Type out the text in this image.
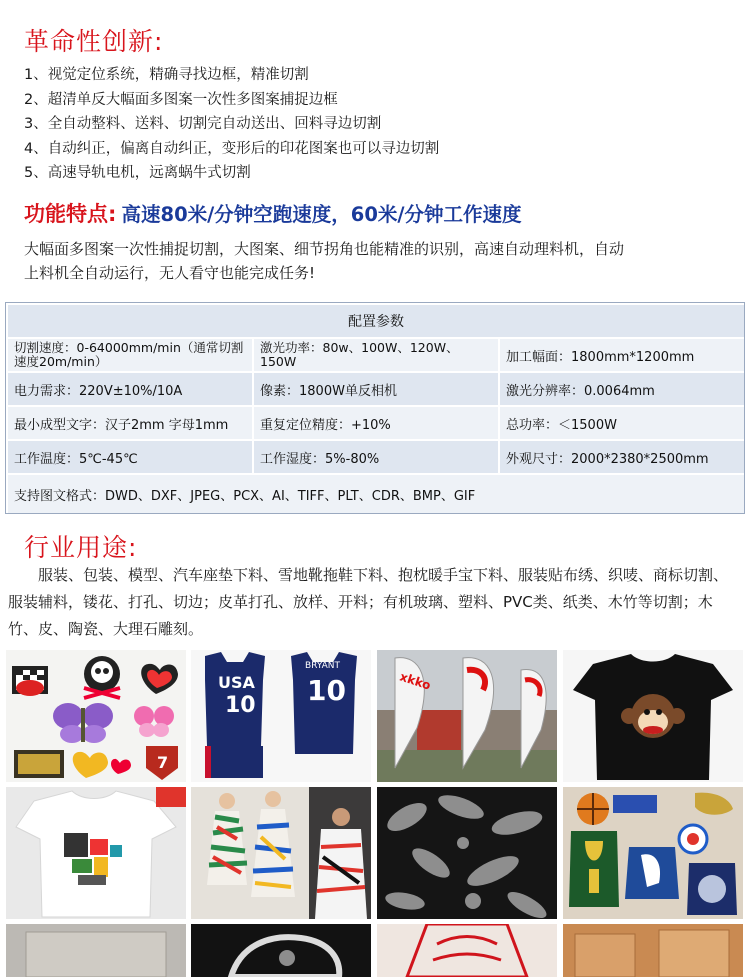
革命性创新:
1、视觉定位系统，精确寻找边框，精准切割
2、超清单反大幅面多图案一次性多图案捕捉边框
3、全自动整料、送料、切割完自动送出、回料寻边切割
4、自动纠正，偏离自动纠正，变形后的印花图案也可以寻边切割
5、高速导轨电机，远离蜗牛式切割
功能特点: 高速80米/分钟空跑速度，60米/分钟工作速度
大幅面多图案一次性捕捉切割，大图案、细节拐角也能精准的识别，高速自动理料机，自动
上料机全自动运行，无人看守也能完成任务!
配置参数		
切割速度：0-64000mm/min（通常切割速度20m/min）	激光功率：80w、100W、120W、150W	加工幅面：1800mm*1200mm
电力需求：220V±10%/10A	像素：1800W单反相机	激光分辨率：0.0064mm
最小成型文字：汉子2mm 字母1mm	重复定位精度：+10%	总功率：＜1500W
工作温度：5℃-45℃	工作湿度：5%-80%	外观尺寸：2000*2380*2500mm
支持图文格式：DWD、DXF、JPEG、PCX、AI、TIFF、PLT、CDR、BMP、GIF		
行业用途:
　　服装、包装、模型、汽车座垫下料、雪地靴拖鞋下料、抱枕暖手宝下料、服装贴布绣、织唛、商标切割、服装辅料，镂花、打孔、切边；皮革打孔、放样、开料；有机玻璃、塑料、PVC类、纸类、木竹等切割；木竹、皮、陶瓷、大理石雕刻。
7
USA
10
BRYANT
10	xkko
